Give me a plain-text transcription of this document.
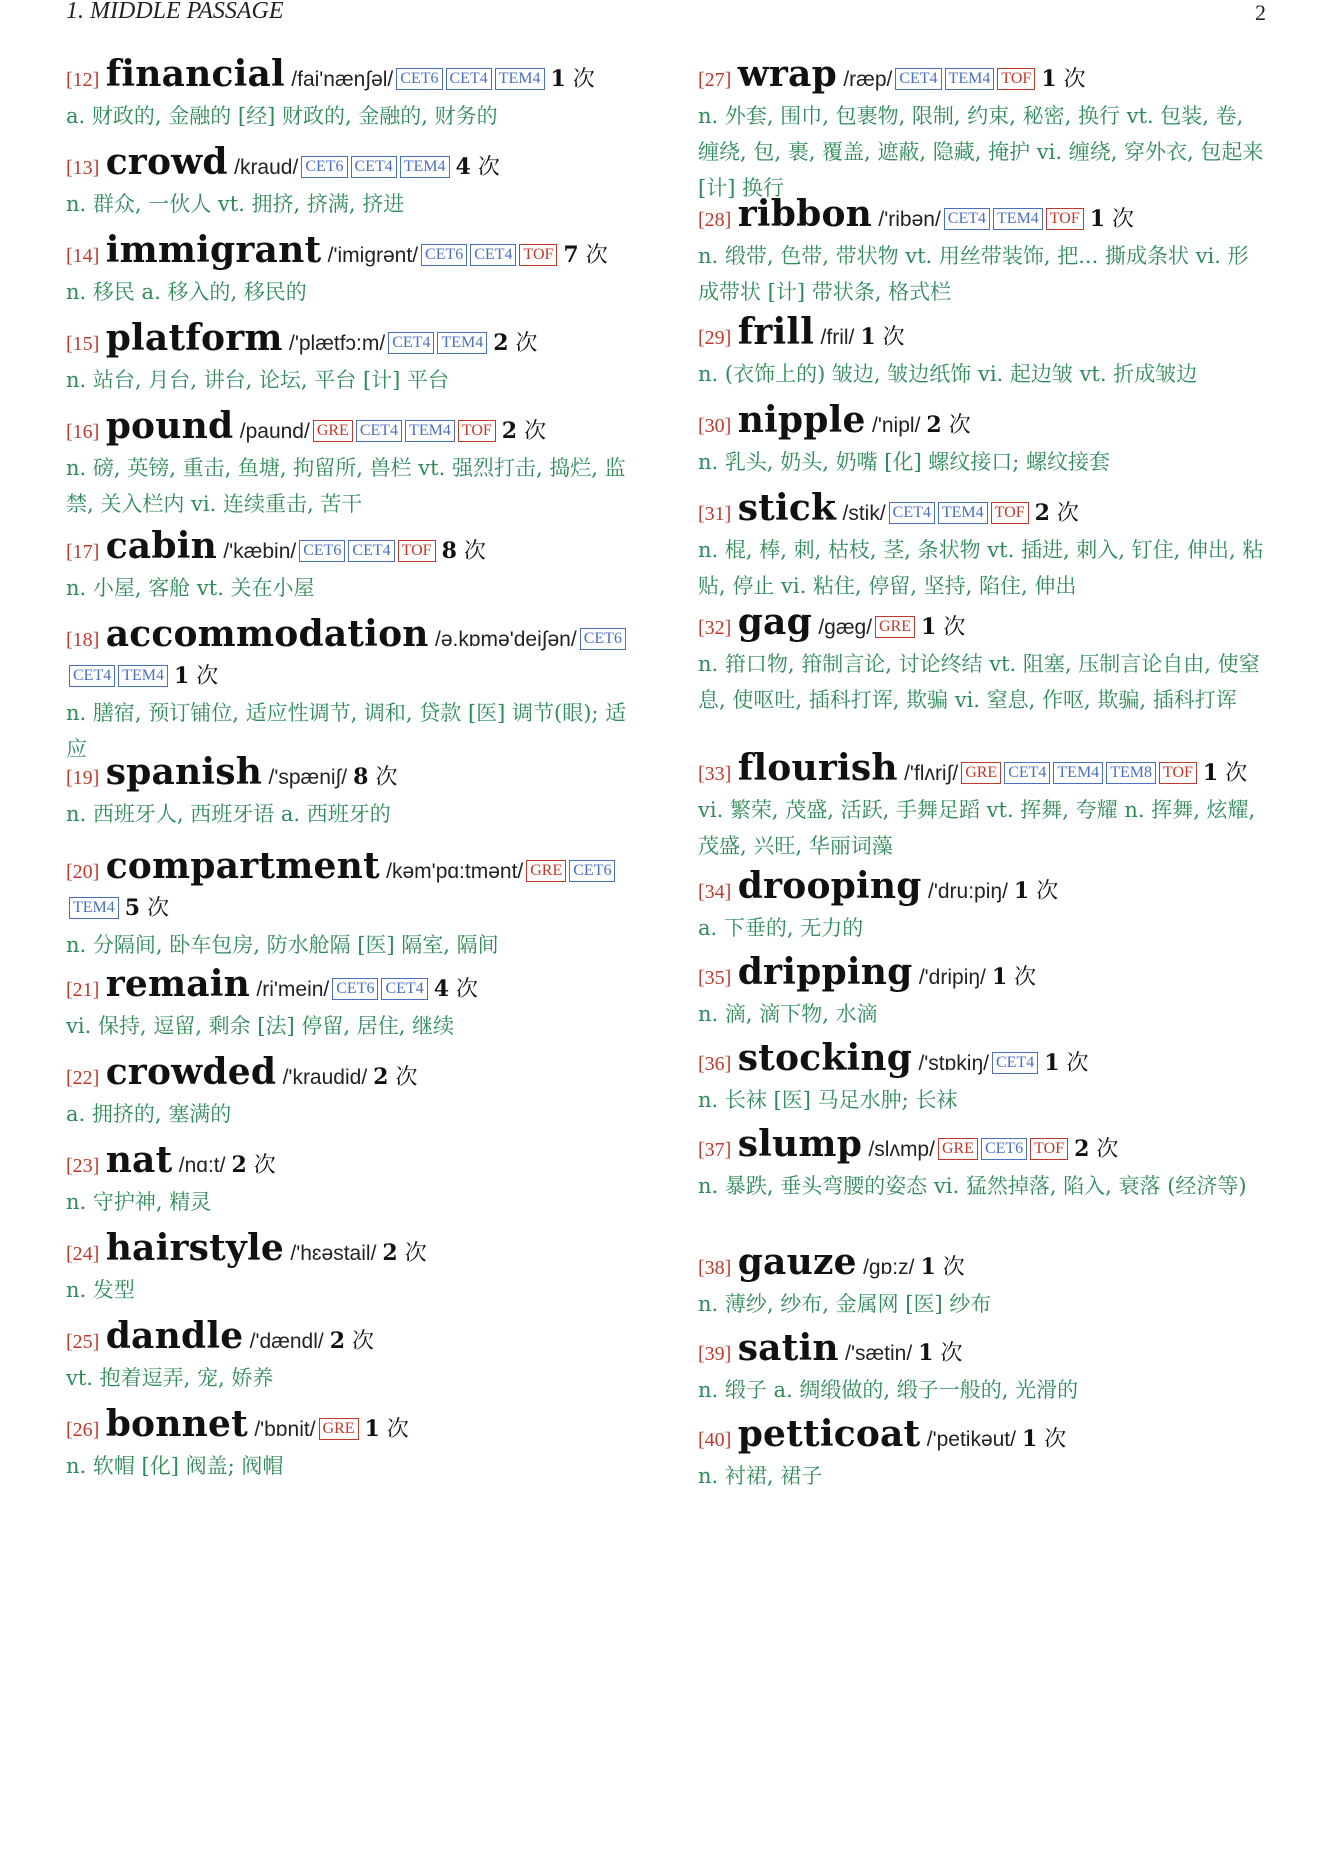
1. MIDDLE PASSAGE	2
[12] financial /fai'næn∫əl/ CET6 CET4 TEM4 1 次
a. 财政的, 金融的 [经] 财政的, 金融的, 财务的
[13] crowd /kraud/ CET6 CET4 TEM4 4 次
n. 群众, 一伙人 vt. 拥挤, 挤满, 挤进
[14] immigrant /'imigrənt/ CET6 CET4 TOF 7 次
n. 移民 a. 移入的, 移民的
[15] platform /'plætfɔ:m/ CET4 TEM4 2 次
n. 站台, 月台, 讲台, 论坛, 平台 [计] 平台
[16] pound /paund/ GRE CET4 TEM4 TOF 2 次
n. 磅, 英镑, 重击, 鱼塘, 拘留所, 兽栏 vt. 强烈打击, 捣烂, 监禁, 关入栏内 vi. 连续重击, 苦干
[17] cabin /'kæbin/ CET6 CET4 TOF 8 次
n. 小屋, 客舱 vt. 关在小屋
[18] accommodation /ə.kɒmə'dei∫ən/ CET6CET4 TEM4 1 次
n. 膳宿, 预订铺位, 适应性调节, 调和, 贷款 [医] 调节(眼); 适应
[19] spanish /'spæni∫/ 8 次
n. 西班牙人, 西班牙语 a. 西班牙的
[20] compartment /kəm'pɑ:tmənt/ GRE CET6TEM4 5 次
n. 分隔间, 卧车包房, 防水舱隔 [医] 隔室, 隔间
[21] remain /ri'mein/ CET6 CET4 4 次
vi. 保持, 逗留, 剩余 [法] 停留, 居住, 继续
[22] crowded /'kraudid/ 2 次
a. 拥挤的, 塞满的
[23] nat /nɑ:t/ 2 次
n. 守护神, 精灵
[24] hairstyle /'hɛəstail/ 2 次
n. 发型
[25] dandle /'dændl/ 2 次
vt. 抱着逗弄, 宠, 娇养
[26] bonnet /'bɒnit/ GRE 1 次
n. 软帽 [化] 阀盖; 阀帽
[27] wrap /ræp/ CET4 TEM4 TOF 1 次
n. 外套, 围巾, 包裹物, 限制, 约束, 秘密, 换行 vt. 包装, 卷, 缠绕, 包, 裹, 覆盖, 遮蔽, 隐藏, 掩护 vi. 缠绕, 穿外衣, 包起来 [计] 换行
[28] ribbon /'ribən/ CET4 TEM4 TOF 1 次
n. 缎带, 色带, 带状物 vt. 用丝带装饰, 把... 撕成条状 vi. 形成带状 [计] 带状条, 格式栏
[29] frill /fril/ 1 次
n. (衣饰上的) 皱边, 皱边纸饰 vi. 起边皱 vt. 折成皱边
[30] nipple /'nipl/ 2 次
n. 乳头, 奶头, 奶嘴 [化] 螺纹接口; 螺纹接套
[31] stick /stik/ CET4 TEM4 TOF 2 次
n. 棍, 棒, 刺, 枯枝, 茎, 条状物 vt. 插进, 刺入, 钉住, 伸出, 粘贴, 停止 vi. 粘住, 停留, 坚持, 陷住, 伸出
[32] gag /gæg/ GRE 1 次
n. 箝口物, 箝制言论, 讨论终结 vt. 阻塞, 压制言论自由, 使窒息, 使呕吐, 插科打诨, 欺骗 vi. 窒息, 作呕, 欺骗, 插科打诨
[33] flourish /'flʌri∫/ GRE CET4 TEM4 TEM8 TOF 1 次
vi. 繁荣, 茂盛, 活跃, 手舞足蹈 vt. 挥舞, 夸耀 n. 挥舞, 炫耀, 茂盛, 兴旺, 华丽词藻
[34] drooping /'dru:piŋ/ 1 次
a. 下垂的, 无力的
[35] dripping /'dripiŋ/ 1 次
n. 滴, 滴下物, 水滴
[36] stocking /'stɒkiŋ/ CET4 1 次
n. 长袜 [医] 马足水肿; 长袜
[37] slump /slʌmp/ GRE CET6 TOF 2 次
n. 暴跌, 垂头弯腰的姿态 vi. 猛然掉落, 陷入, 衰落 (经济等)
[38] gauze /gɒ:z/ 1 次
n. 薄纱, 纱布, 金属网 [医] 纱布
[39] satin /'sætin/ 1 次
n. 缎子 a. 绸缎做的, 缎子一般的, 光滑的
[40] petticoat /'petikəut/ 1 次
n. 衬裙, 裙子
